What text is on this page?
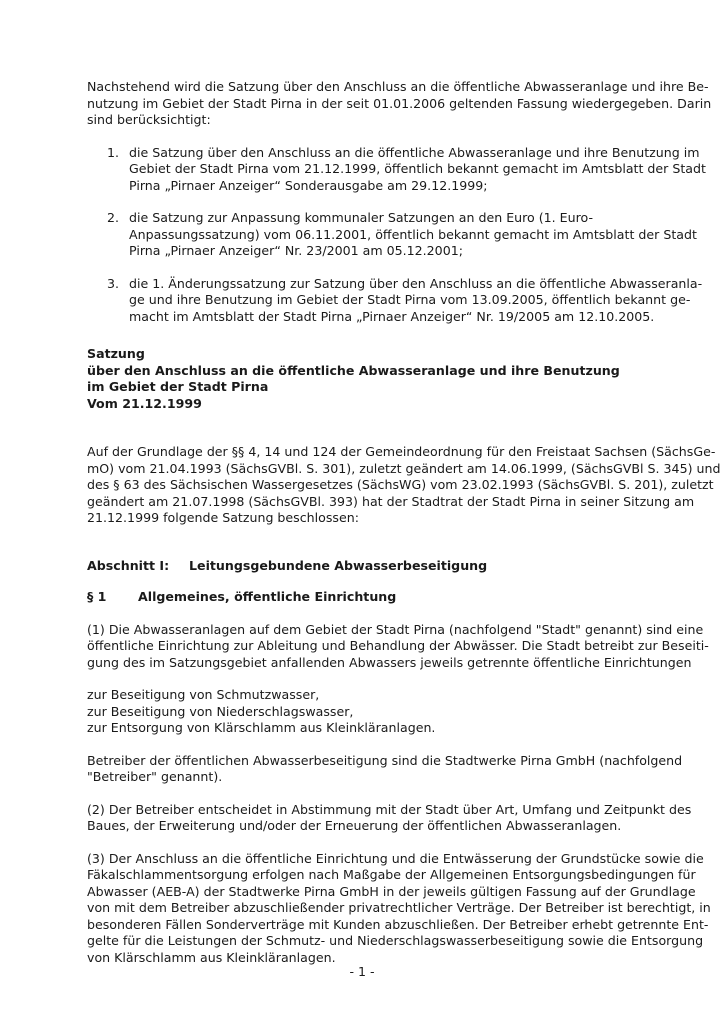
Nachstehend wird die Satzung über den Anschluss an die öffentliche Abwasseranlage und ihre Be-
nutzung im Gebiet der Stadt Pirna in der seit 01.01.2006 geltenden Fassung wiedergegeben. Darin
sind berücksichtigt:
1. die Satzung über den Anschluss an die öffentliche Abwasseranlage und ihre Benutzung im
Gebiet der Stadt Pirna vom 21.12.1999, öffentlich bekannt gemacht im Amtsblatt der Stadt
Pirna „Pirnaer Anzeiger“ Sonderausgabe am 29.12.1999;
2. die Satzung zur Anpassung kommunaler Satzungen an den Euro (1. Euro-
Anpassungssatzung) vom 06.11.2001, öffentlich bekannt gemacht im Amtsblatt der Stadt
Pirna „Pirnaer Anzeiger“ Nr. 23/2001 am 05.12.2001;
3. die 1. Änderungssatzung zur Satzung über den Anschluss an die öffentliche Abwasseranla-
ge und ihre Benutzung im Gebiet der Stadt Pirna vom 13.09.2005, öffentlich bekannt ge-
macht im Amtsblatt der Stadt Pirna „Pirnaer Anzeiger“ Nr. 19/2005 am 12.10.2005.
Satzung
über den Anschluss an die öffentliche Abwasseranlage und ihre Benutzung
im Gebiet der Stadt Pirna
Vom 21.12.1999
Auf der Grundlage der §§ 4, 14 und 124 der Gemeindeordnung für den Freistaat Sachsen (SächsGe-
mO) vom 21.04.1993 (SächsGVBl. S. 301), zuletzt geändert am 14.06.1999, (SächsGVBl S. 345) und
des § 63 des Sächsischen Wassergesetzes (SächsWG) vom 23.02.1993 (SächsGVBl. S. 201), zuletzt
geändert am 21.07.1998 (SächsGVBl. 393) hat der Stadtrat der Stadt Pirna in seiner Sitzung am
21.12.1999 folgende Satzung beschlossen:
Abschnitt I: Leitungsgebundene Abwasserbeseitigung
§ 1	Allgemeines, öffentliche Einrichtung
(1) Die Abwasseranlagen auf dem Gebiet der Stadt Pirna (nachfolgend "Stadt" genannt) sind eine
öffentliche Einrichtung zur Ableitung und Behandlung der Abwässer. Die Stadt betreibt zur Beseiti-
gung des im Satzungsgebiet anfallenden Abwassers jeweils getrennte öffentliche Einrichtungen
zur Beseitigung von Schmutzwasser,
zur Beseitigung von Niederschlagswasser,
zur Entsorgung von Klärschlamm aus Kleinkläranlagen.
Betreiber der öffentlichen Abwasserbeseitigung sind die Stadtwerke Pirna GmbH (nachfolgend
"Betreiber" genannt).
(2) Der Betreiber entscheidet in Abstimmung mit der Stadt über Art, Umfang und Zeitpunkt des
Baues, der Erweiterung und/oder der Erneuerung der öffentlichen Abwasseranlagen.
(3) Der Anschluss an die öffentliche Einrichtung und die Entwässerung der Grundstücke sowie die
Fäkalschlammentsorgung erfolgen nach Maßgabe der Allgemeinen Entsorgungsbedingungen für
Abwasser (AEB-A) der Stadtwerke Pirna GmbH in der jeweils gültigen Fassung auf der Grundlage
von mit dem Betreiber abzuschließender privatrechtlicher Verträge. Der Betreiber ist berechtigt, in
besonderen Fällen Sonderverträge mit Kunden abzuschließen. Der Betreiber erhebt getrennte Ent-
gelte für die Leistungen der Schmutz- und Niederschlagswasserbeseitigung sowie die Entsorgung
von Klärschlamm aus Kleinkläranlagen.
- 1 -
